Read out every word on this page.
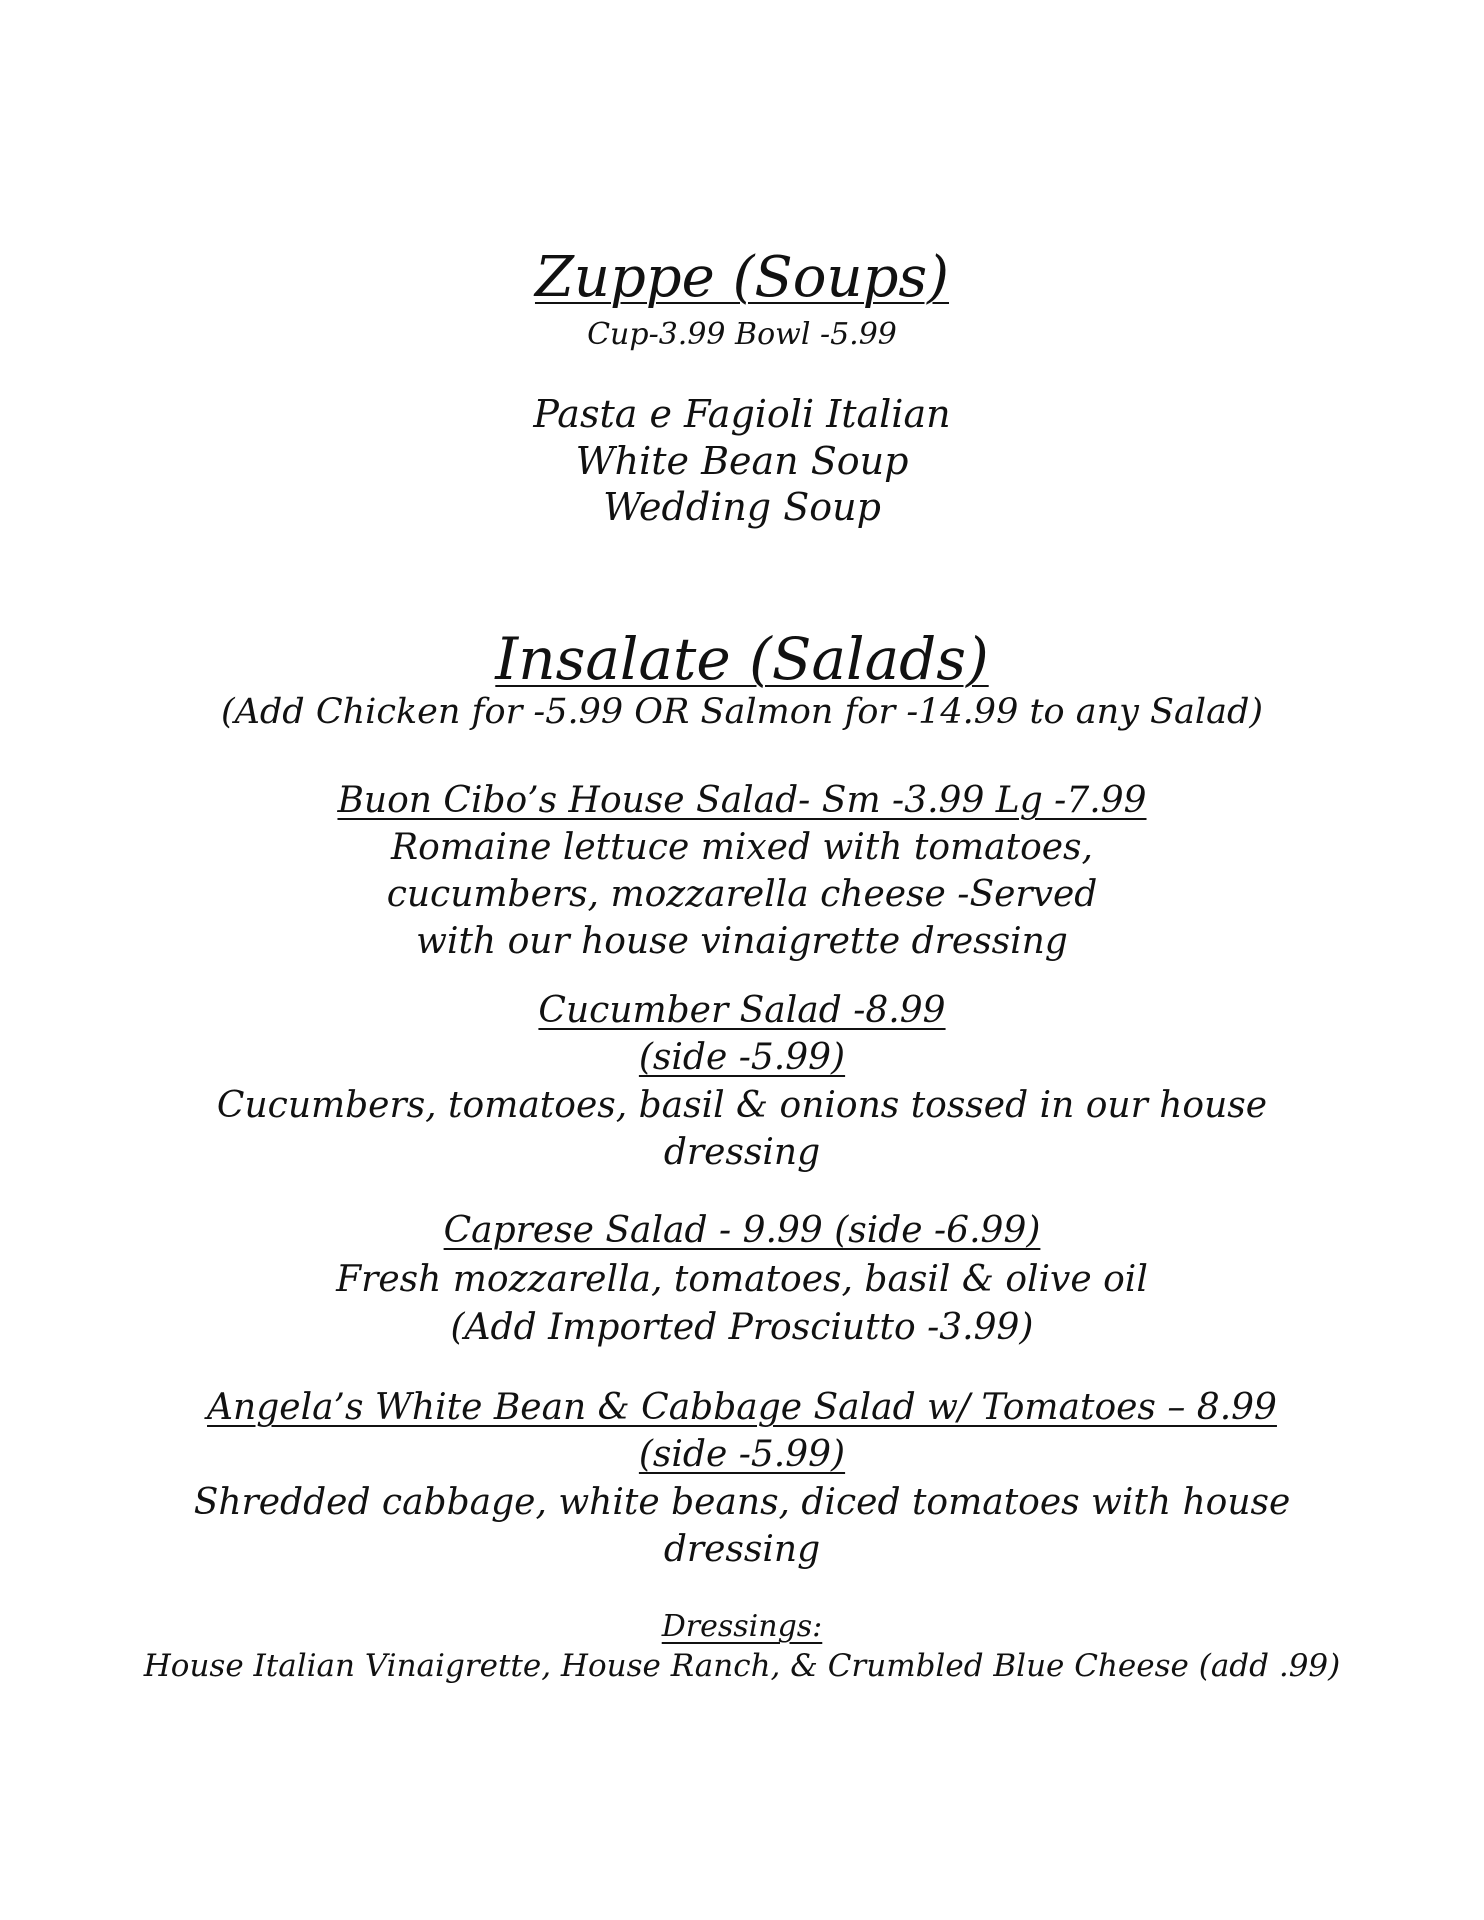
Zuppe (Soups)
Cup-3.99 Bowl -5.99
Pasta e Fagioli Italian
White Bean Soup
Wedding Soup
Insalate (Salads)
(Add Chicken for -5.99 OR Salmon for -14.99 to any Salad)
Buon Cibo’s House Salad- Sm -3.99 Lg -7.99
Romaine lettuce mixed with tomatoes,
cucumbers, mozzarella cheese -Served
with our house vinaigrette dressing
Cucumber Salad -8.99
(side -5.99)
Cucumbers, tomatoes, basil & onions tossed in our house
dressing
Caprese Salad - 9.99 (side -6.99)
Fresh mozzarella, tomatoes, basil & olive oil
(Add Imported Prosciutto -3.99)
Angela’s White Bean & Cabbage Salad w/ Tomatoes – 8.99
(side -5.99)
Shredded cabbage, white beans, diced tomatoes with house
dressing
Dressings:
House Italian Vinaigrette, House Ranch, & Crumbled Blue Cheese (add .99)
